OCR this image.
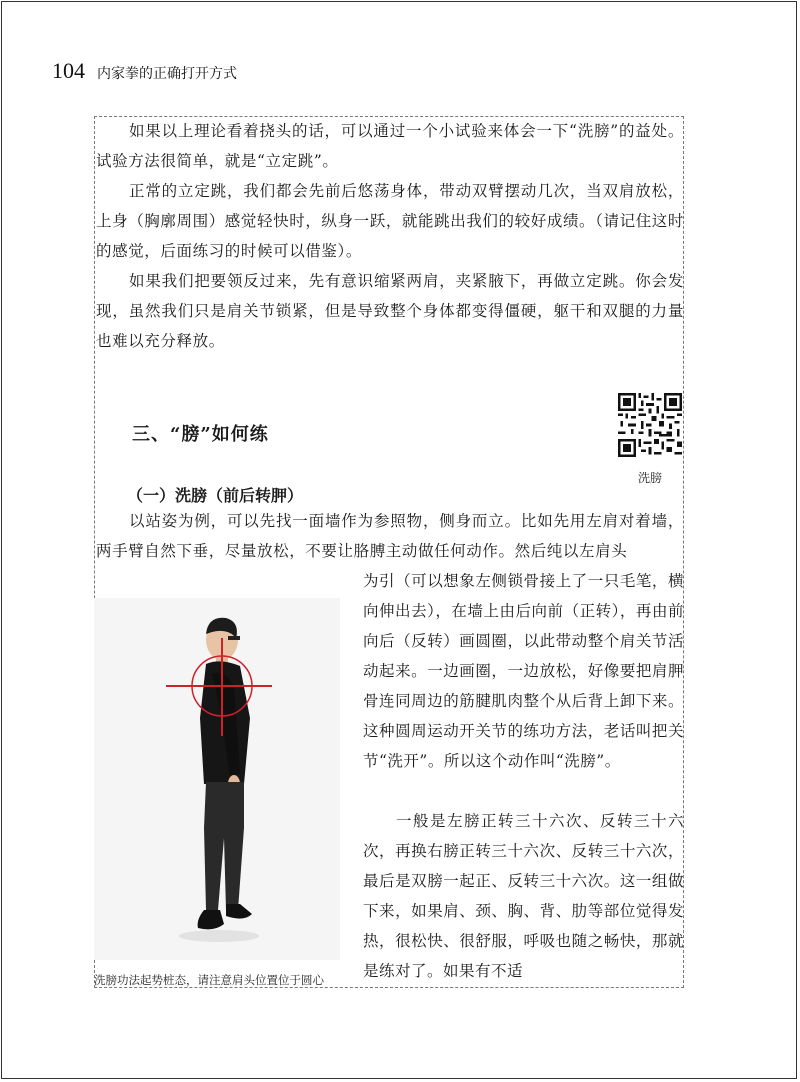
104 内家拳的正确打开方式

如果以上理论看着挠头的话，可以通过一个小试验来体会一下“洗膀”的益处。试验方法很简单，就是“立定跳”。

正常的立定跳，我们都会先前后悠荡身体，带动双臂摆动几次，当双肩放松，上身（胸廓周围）感觉轻快时，纵身一跃，就能跳出我们的较好成绩。（请记住这时的感觉，后面练习的时候可以借鉴）。

如果我们把要领反过来，先有意识缩紧两肩，夹紧腋下，再做立定跳。你会发现，虽然我们只是肩关节锁紧，但是导致整个身体都变得僵硬，躯干和双腿的力量也难以充分释放。

洗膀
三、“膀”如何练
（一）洗膀（前后转胛）

以站姿为例，可以先找一面墙作为参照物，侧身而立。比如先用左肩对着墙，两手臂自然下垂，尽量放松，不要让胳膊主动做任何动作。然后纯以左肩头

为引（可以想象左侧锁骨接上了一只毛笔，横向伸出去），在墙上由后向前（正转），再由前向后（反转）画圆圈，以此带动整个肩关节活动起来。一边画圈，一边放松，好像要把肩胛骨连同周边的筋腱肌肉整个从后背上卸下来。这种圆周运动开关节的练功方法，老话叫把关节“洗开”。所以这个动作叫“洗膀”。

一般是左膀正转三十六次、反转三十六次，再换右膀正转三十六次、反转三十六次，最后是双膀一起正、反转三十六次。这一组做下来，如果肩、颈、胸、背、肋等部位觉得发热，很松快、很舒服，呼吸也随之畅快，那就是练对了。如果有不适

洗膀功法起势桩态，请注意肩头位置位于圆心
